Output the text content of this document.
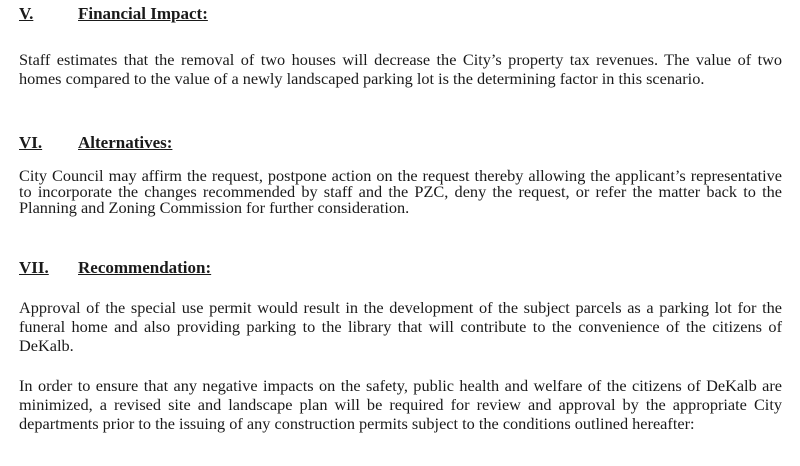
V.	Financial Impact:

Staff estimates that the removal of two houses will decrease the City’s property tax revenues. The value of two homes compared to the value of a newly landscaped parking lot is the determining factor in this scenario.

VI. Alternatives:

City Council may affirm the request, postpone action on the request thereby allowing the applicant’s representative to incorporate the changes recommended by staff and the PZC, deny the request, or refer the matter back to the Planning and Zoning Commission for further consideration.

VII. Recommendation:

Approval of the special use permit would result in the development of the subject parcels as a parking lot for the funeral home and also providing parking to the library that will contribute to the convenience of the citizens of DeKalb.

In order to ensure that any negative impacts on the safety, public health and welfare of the citizens of DeKalb are minimized, a revised site and landscape plan will be required for review and approval by the appropriate City departments prior to the issuing of any construction permits subject to the conditions outlined hereafter:
